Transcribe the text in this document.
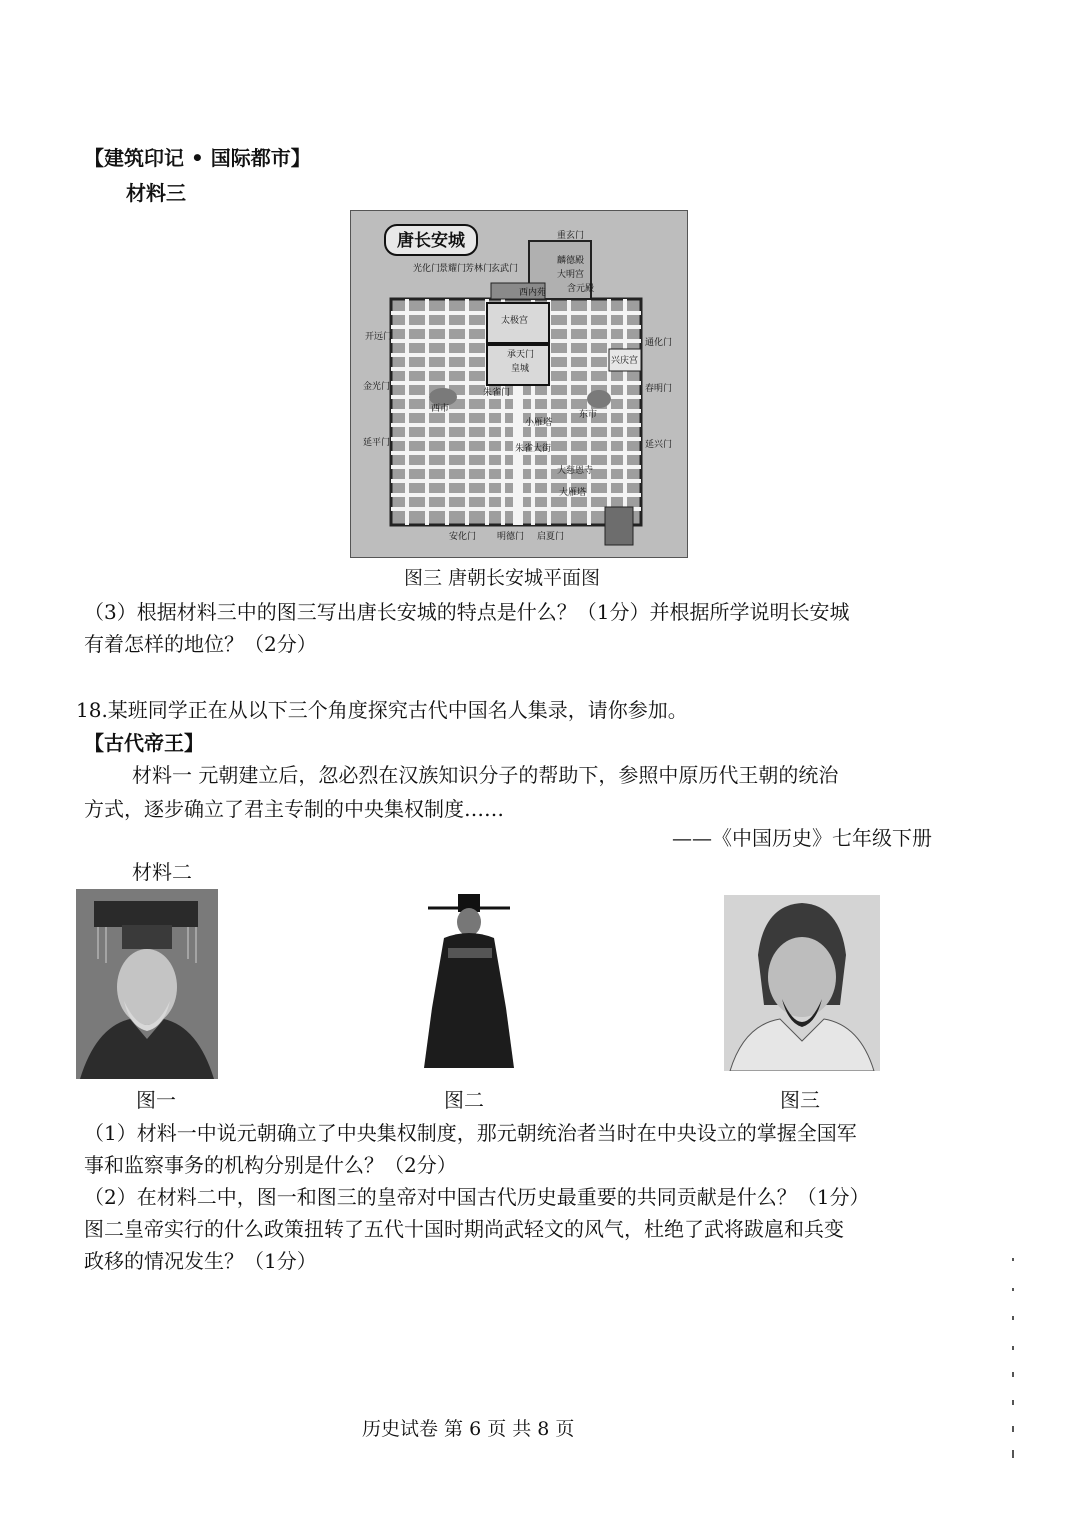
【建筑印记 • 国际都市】
材料三
唐长安城	重玄门
麟德殿
大明宫
含元殿
西内苑
太极宫
承天门
皇城
开远门
金光门
延平门
通化门
兴庆宫
春明门
延兴门
西市
东市
朱雀门
小雁塔
大慈恩寺
大雁塔
安化门 明德门 启夏门
光化门
景耀门
芳林门
玄武门
朱雀大街
图三 唐朝长安城平面图
（3）根据材料三中的图三写出唐长安城的特点是什么？（1分）并根据所学说明长安城
有着怎样的地位？（2分）
18.某班同学正在从以下三个角度探究古代中国名人集录，请你参加。
【古代帝王】
材料一 元朝建立后，忽必烈在汉族知识分子的帮助下，参照中原历代王朝的统治
方式，逐步确立了君主专制的中央集权制度……
——《中国历史》七年级下册
材料二
图一	图二	图三
（1）材料一中说元朝确立了中央集权制度，那元朝统治者当时在中央设立的掌握全国军
事和监察事务的机构分别是什么？（2分）
（2）在材料二中，图一和图三的皇帝对中国古代历史最重要的共同贡献是什么？（1分）
图二皇帝实行的什么政策扭转了五代十国时期尚武轻文的风气，杜绝了武将跋扈和兵变
政移的情况发生？（1分）
历史试卷 第 6 页 共 8 页
